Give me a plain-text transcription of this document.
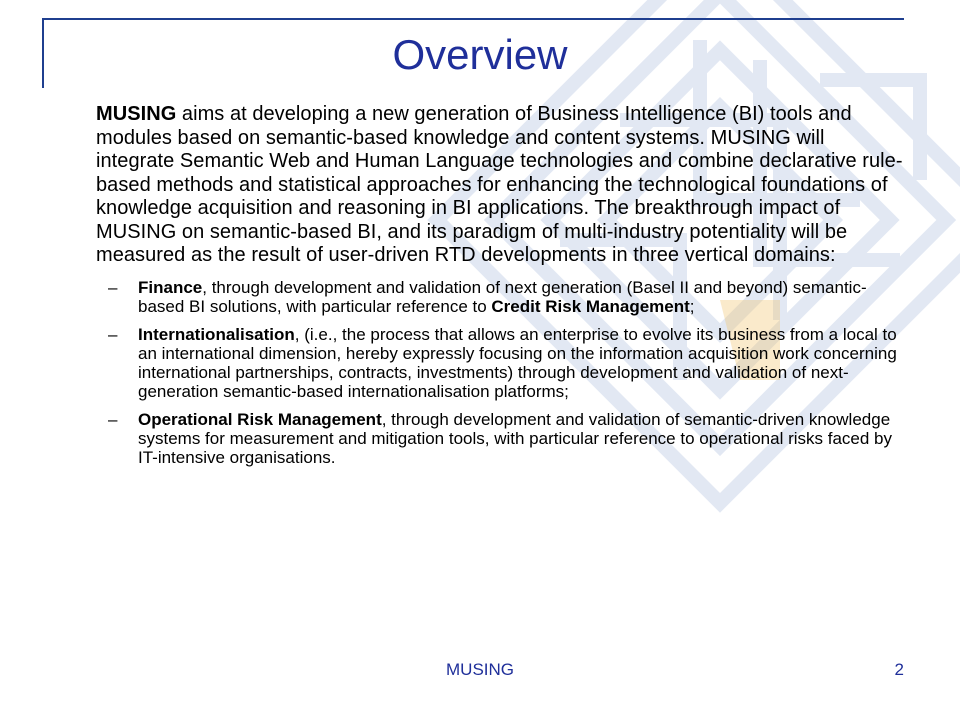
Overview

MUSING aims at developing a new generation of Business Intelligence (BI) tools and modules based on semantic-based knowledge and content systems. MUSING will integrate Semantic Web and Human Language technologies and combine declarative rule-based methods and statistical approaches for enhancing the technological foundations of knowledge acquisition and reasoning in BI applications. The breakthrough impact of MUSING on semantic-based BI, and its paradigm of multi-industry potentiality will be measured as the result of user-driven RTD developments in three vertical domains:

– Finance, through development and validation of next generation (Basel II and beyond) semantic-based BI solutions, with particular reference to Credit Risk Management;
– Internationalisation, (i.e., the process that allows an enterprise to evolve its business from a local to an international dimension, hereby expressly focusing on the information acquisition work concerning international partnerships, contracts, investments) through development and validation of next-generation semantic-based internationalisation platforms;
– Operational Risk Management, through development and validation of semantic-driven knowledge systems for measurement and mitigation tools, with particular reference to operational risks faced by IT-intensive organisations.
MUSING	2
